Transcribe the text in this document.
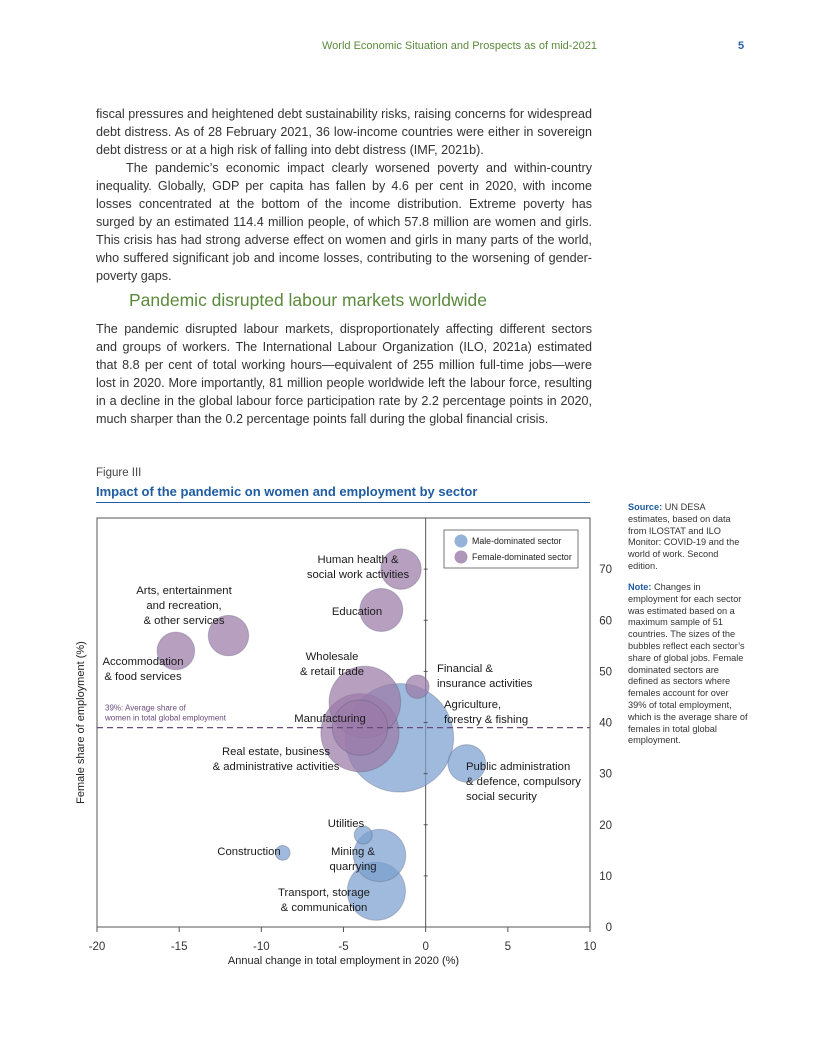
World Economic Situation and Prospects as of mid-2021	5

fiscal pressures and heightened debt sustainability risks, raising concerns for widespread debt distress. As of 28 February 2021, 36 low-income countries were either in sovereign debt distress or at a high risk of falling into debt distress (IMF, 2021b).

The pandemic’s economic impact clearly worsened poverty and within-country inequality. Globally, GDP per capita has fallen by 4.6 per cent in 2020, with income losses concentrated at the bottom of the income distribution. Extreme poverty has surged by an estimated 114.4 million people, of which 57.8 million are women and girls. This crisis has had strong adverse effect on women and girls in many parts of the world, who suffered significant job and income losses, contributing to the worsening of gender-poverty gaps.

Pandemic disrupted labour markets worldwide

The pandemic disrupted labour markets, disproportionately affecting different sectors and groups of workers. The International Labour Organization (ILO, 2021a) estimated that 8.8 per cent of total working hours—equivalent of 255 million full-time jobs—were lost in 2020. More importantly, 81 million people worldwide left the labour force, resulting in a decline in the global labour force participation rate by 2.2 percentage points in 2020, much sharper than the 0.2 percentage points fall during the global financial crisis.

Figure III
Impact of the pandemic on women and employment by sector

Source: UN DESA estimates, based on data from ILOSTAT and ILO Monitor: COVID-19 and the world of work. Second edition.

Note: Changes in employment for each sector was estimated based on a maximum sample of 51 countries. The sizes of the bubbles reflect each sector’s share of global jobs. Female dominated sectors are defined as sectors where females account for over 39% of total employment, which is the average share of females in total global employment.

39%: Average share of
women in total global employment
-20	-15	-10	-5	0	5	10
0
10
20
30
40
50
60
70
Annual change in total employment in 2020 (%)
Female share of employment (%)
Male-dominated sector
Female-dominated sector
Human health &
social work activities
Arts, entertainment
and recreation,
& other services
Education
Accommodation
& food services
Wholesale
& retail trade	Financial &
insurance activities
Manufacturing
Agriculture,
forestry & fishing
Real estate, business
& administrative activities	Public administration
& defence, compulsory
social security
Utilities
Construction	Mining &
quarrying
Transport, storage
& communication
